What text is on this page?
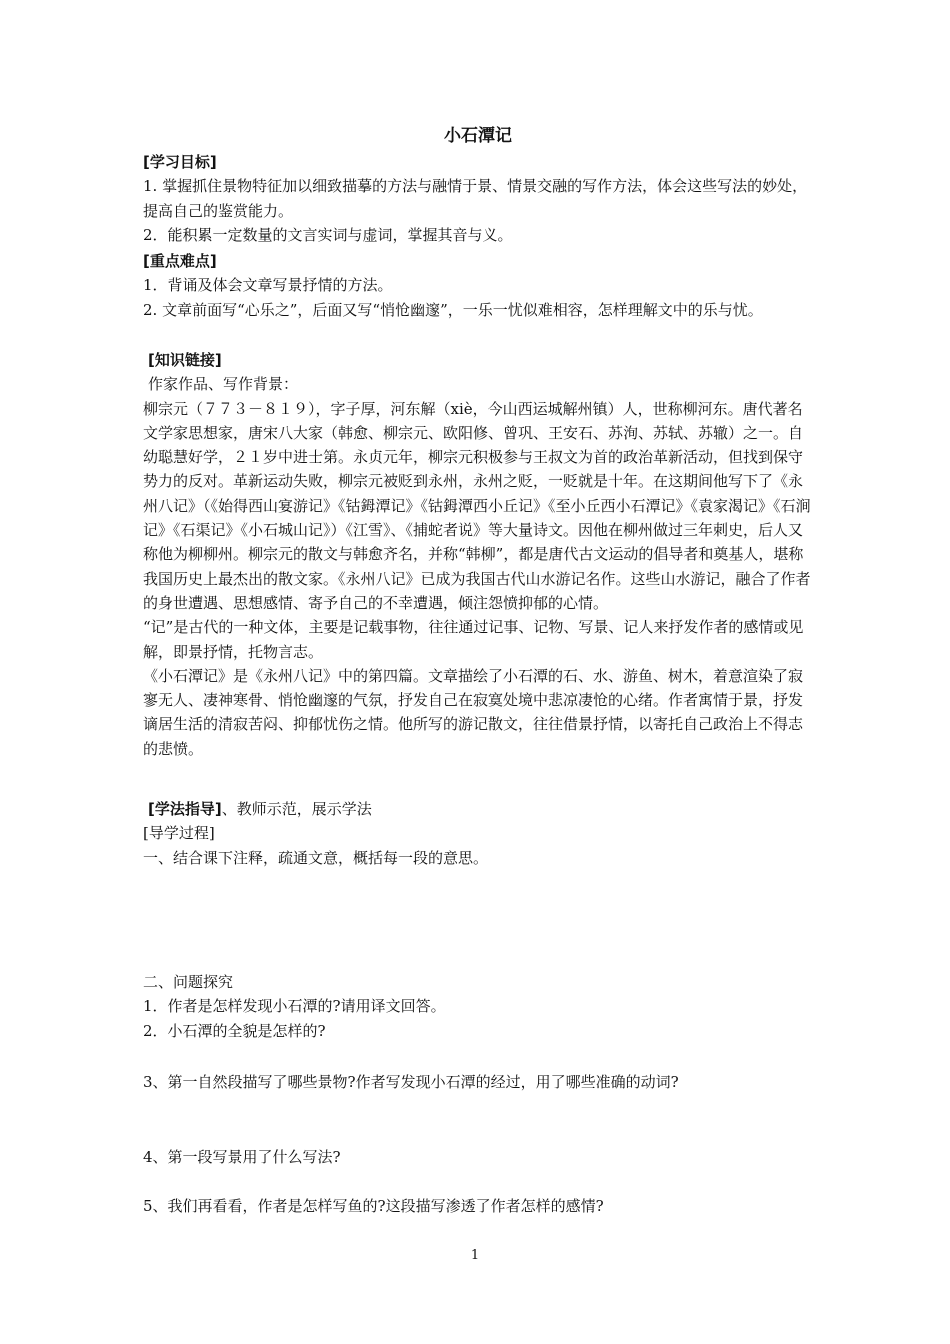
小石潭记

[学习目标]

1. 掌握抓住景物特征加以细致描摹的方法与融情于景、情景交融的写作方法，体会这些写法的妙处，提高自己的鉴赏能力。

2．能积累一定数量的文言实词与虚词，掌握其音与义。

[重点难点]

1．背诵及体会文章写景抒情的方法。

2. 文章前面写“心乐之”，后面又写“悄怆幽邃”，一乐一忧似难相容，怎样理解文中的乐与忧。

[知识链接]

作家作品、写作背景：

柳宗元（７７３－８１９），字子厚，河东解（xiè，今山西运城解州镇）人，世称柳河东。唐代著名文学家思想家，唐宋八大家（韩愈、柳宗元、欧阳修、曾巩、王安石、苏洵、苏轼、苏辙）之一。自幼聪慧好学，２１岁中进士第。永贞元年，柳宗元积极参与王叔文为首的政治革新活动，但找到保守势力的反对。革新运动失败，柳宗元被贬到永州，永州之贬，一贬就是十年。在这期间他写下了《永州八记》（《始得西山宴游记》《钴鉧潭记》《钴鉧潭西小丘记》《至小丘西小石潭记》《袁家渴记》《石涧记》《石渠记》《小石城山记》）《江雪》、《捕蛇者说》等大量诗文。因他在柳州做过三年刺史，后人又称他为柳柳州。柳宗元的散文与韩愈齐名，并称“韩柳”，都是唐代古文运动的倡导者和奠基人，堪称我国历史上最杰出的散文家。《永州八记》已成为我国古代山水游记名作。这些山水游记，融合了作者的身世遭遇、思想感情、寄予自己的不幸遭遇，倾注怨愤抑郁的心情。

“记”是古代的一种文体，主要是记载事物，往往通过记事、记物、写景、记人来抒发作者的感情或见解，即景抒情，托物言志。

《小石潭记》是《永州八记》中的第四篇。文章描绘了小石潭的石、水、游鱼、树木，着意渲染了寂寥无人、凄神寒骨、悄怆幽邃的气氛，抒发自己在寂寞处境中悲凉凄怆的心绪。作者寓情于景，抒发谪居生活的清寂苦闷、抑郁忧伤之情。他所写的游记散文，往往借景抒情，以寄托自己政治上不得志的悲愤。

[学法指导]、教师示范，展示学法

[导学过程]

一、结合课下注释，疏通文意，概括每一段的意思。

二、问题探究

1．作者是怎样发现小石潭的?请用译文回答。

2．小石潭的全貌是怎样的?

3、第一自然段描写了哪些景物?作者写发现小石潭的经过，用了哪些准确的动词?

4、第一段写景用了什么写法?

5、我们再看看，作者是怎样写鱼的?这段描写渗透了作者怎样的感情?

1
